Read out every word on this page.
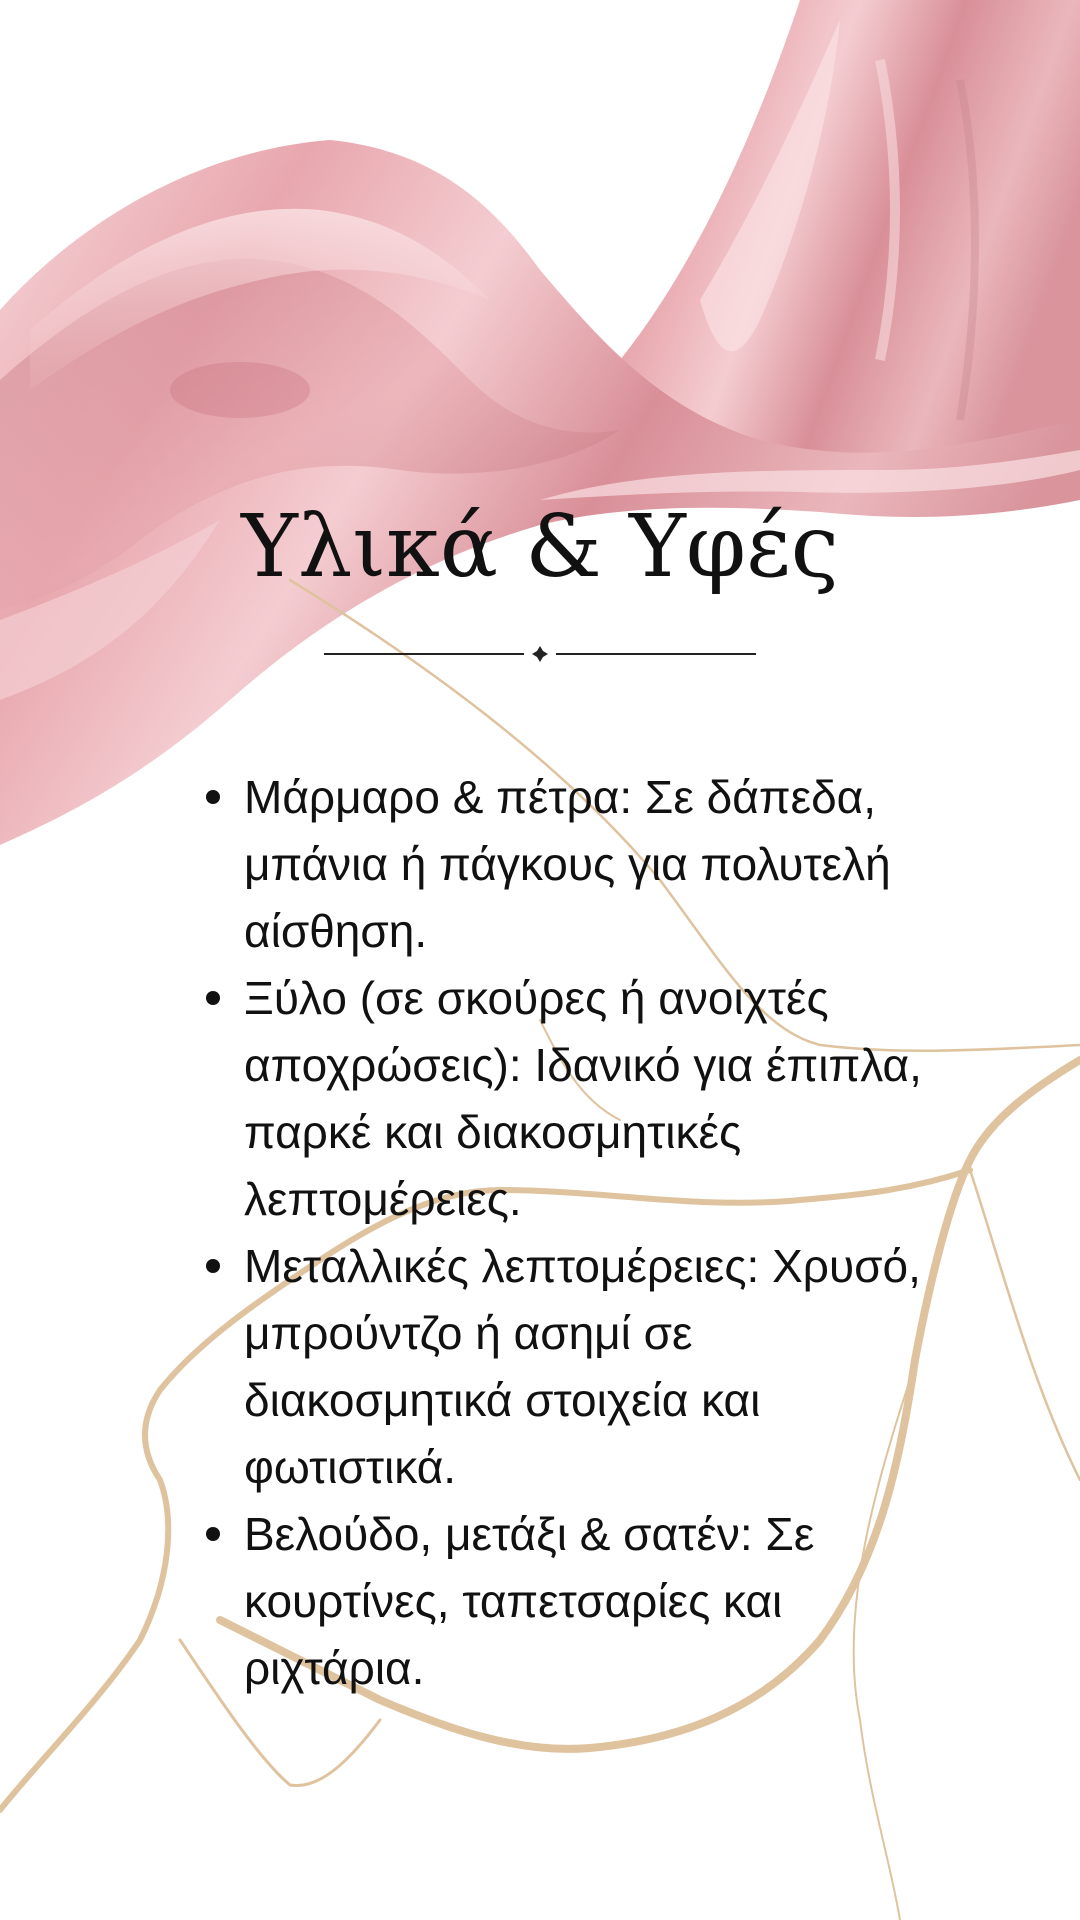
Υλικά & Υφές
Μάρμαρο & πέτρα: Σε δάπεδα, μπάνια ή πάγκους για πολυτελή αίσθηση.
Ξύλο (σε σκούρες ή ανοιχτές αποχρώσεις): Ιδανικό για έπιπλα, παρκέ και διακοσμητικές λεπτομέρειες.
Μεταλλικές λεπτομέρειες: Χρυσό, μπρούντζο ή ασημί σε διακοσμητικά στοιχεία και φωτιστικά.
Βελούδο, μετάξι & σατέν: Σε κουρτίνες, ταπετσαρίες και ριχτάρια.
